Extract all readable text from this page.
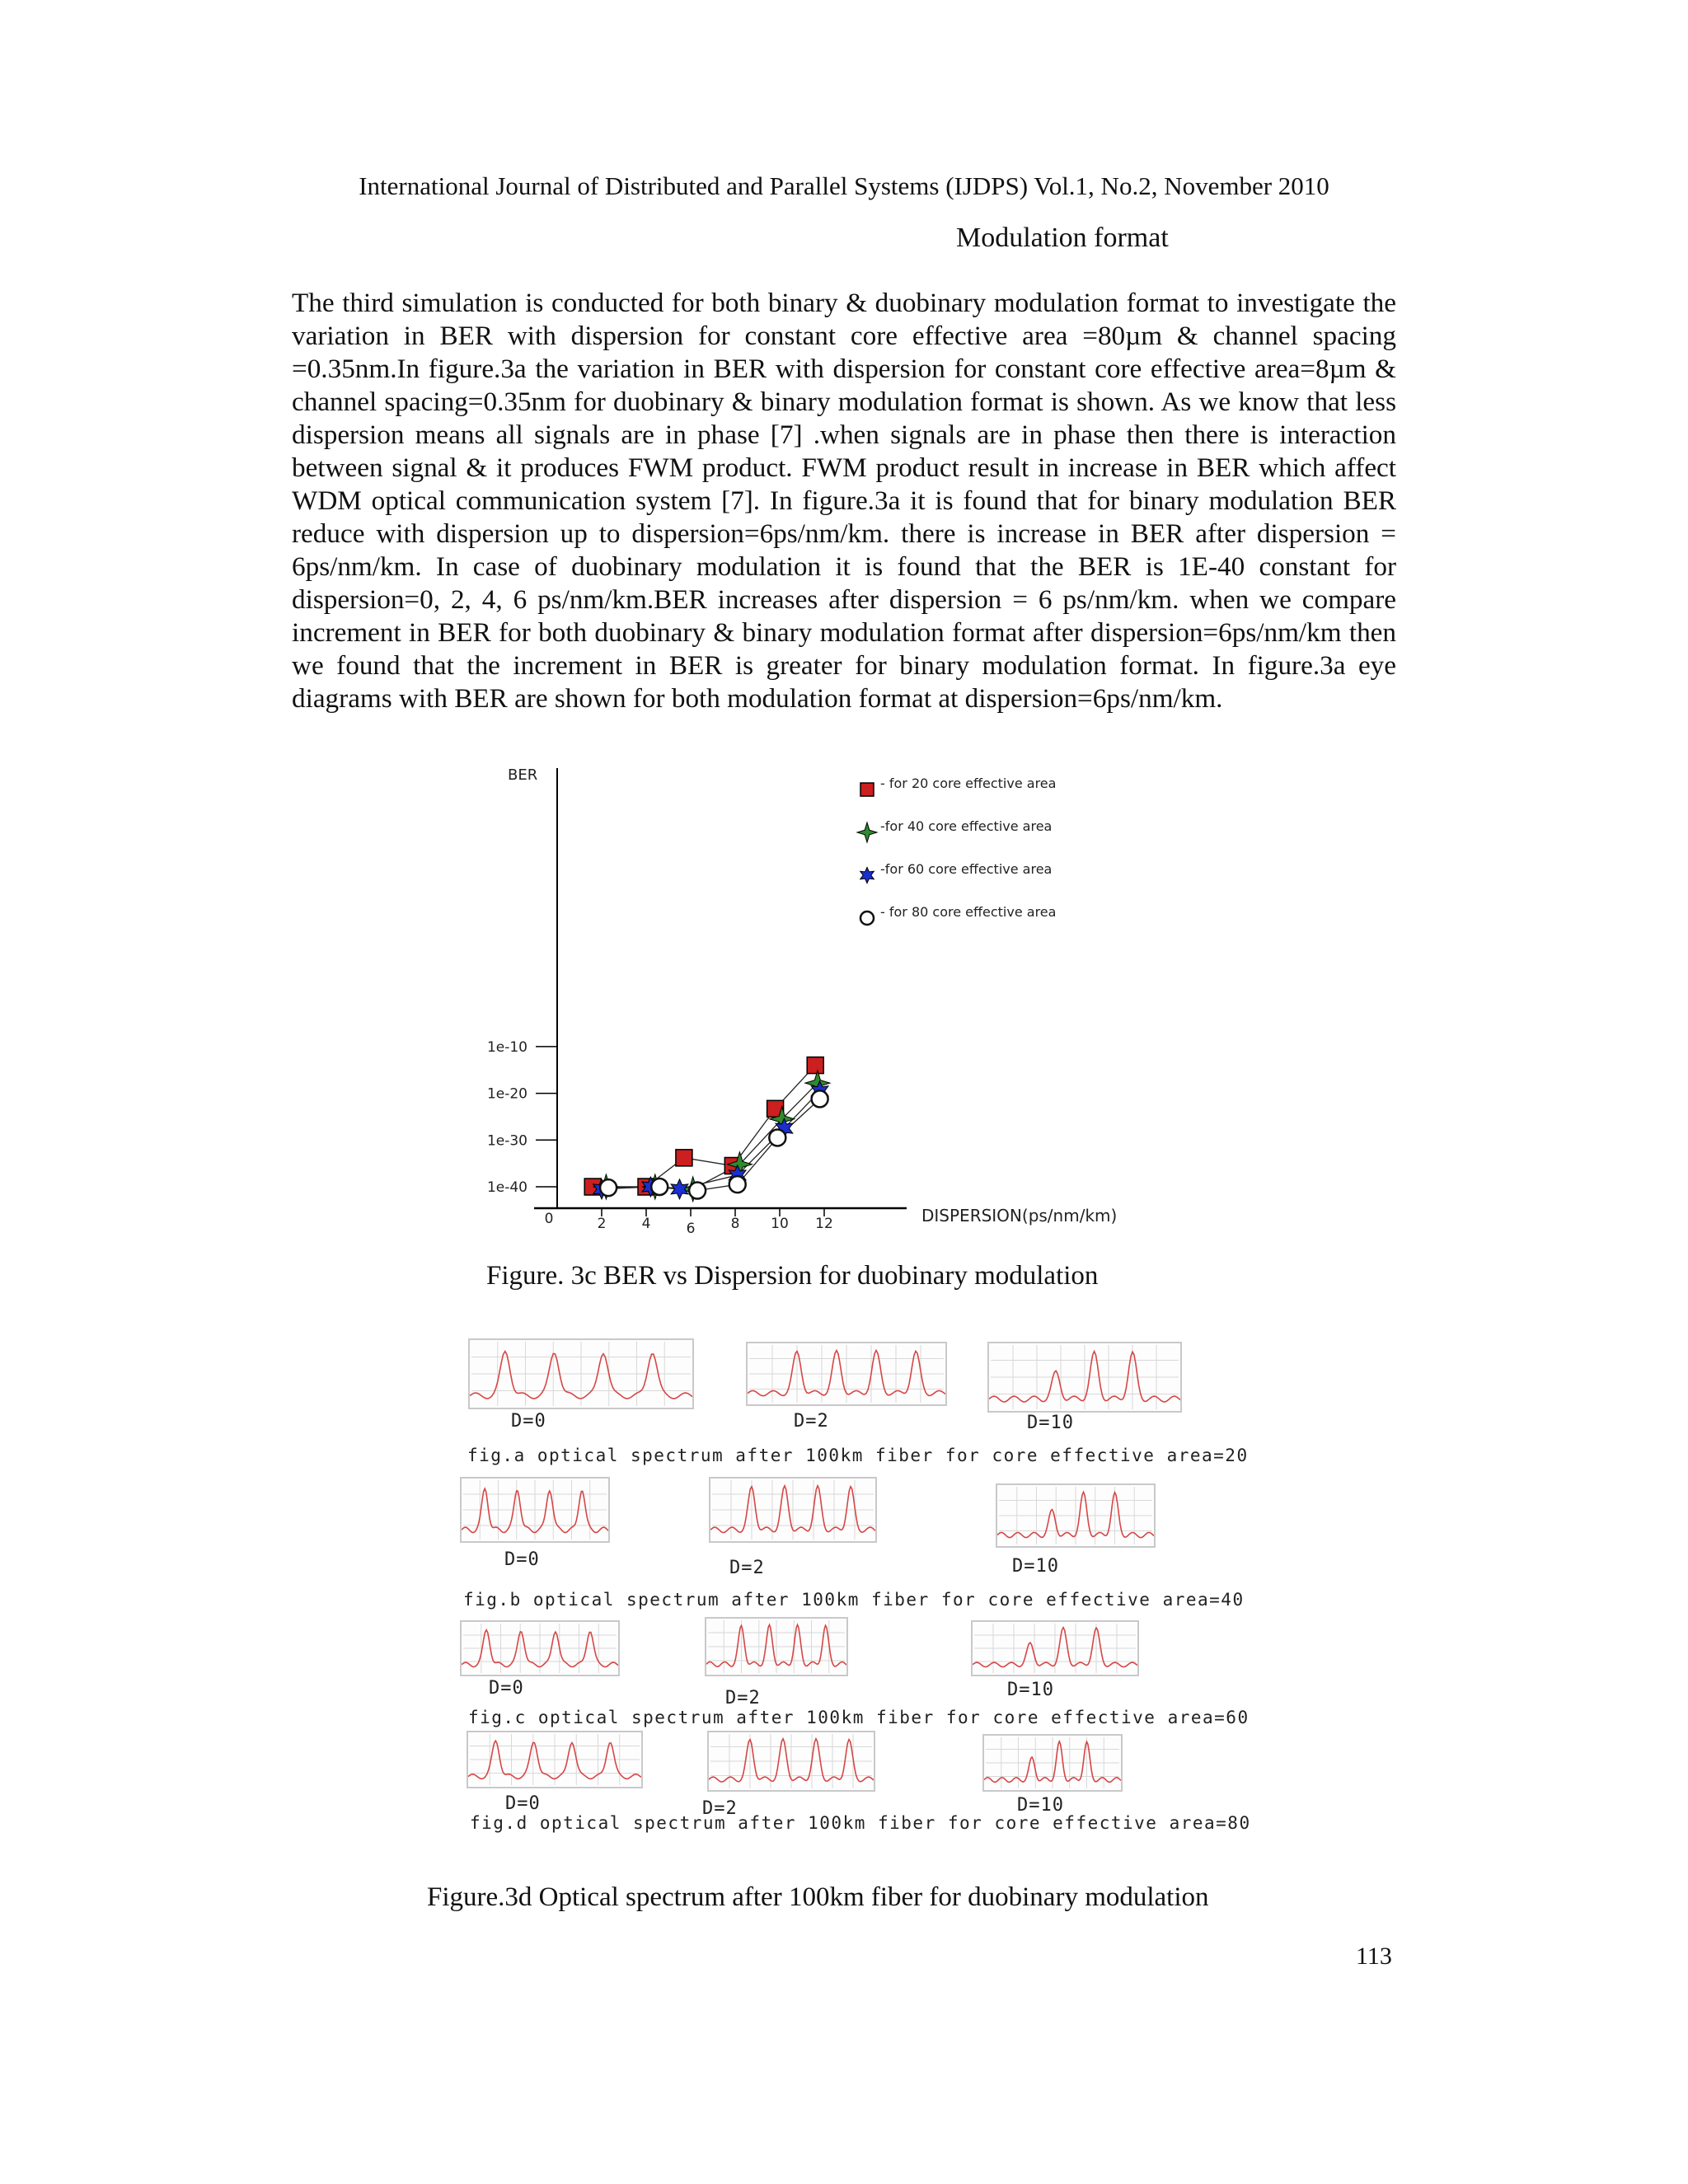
International Journal of Distributed and Parallel Systems (IJDPS) Vol.1, No.2, November 2010
Modulation format
The third simulation is conducted for both binary & duobinary modulation format to investigate the variation in BER with dispersion for constant core effective area =80µm & channel spacing =0.35nm.In figure.3a the variation in BER with dispersion for constant core effective area=8µm & channel spacing=0.35nm for duobinary & binary modulation format is shown. As we know that less dispersion means all signals are in phase [7] .when signals are in phase then there is interaction between signal & it produces FWM product. FWM product result in increase in BER which affect WDM optical communication system [7]. In figure.3a it is found that for binary modulation BER reduce with dispersion up to dispersion=6ps/nm/km. there is increase in BER after dispersion = 6ps/nm/km. In case of duobinary modulation it is found that the BER is 1E-40 constant for dispersion=0, 2, 4, 6 ps/nm/km.BER increases after dispersion = 6 ps/nm/km. when we compare increment in BER for both duobinary & binary modulation format after dispersion=6ps/nm/km then we found that the increment in BER is greater for binary modulation format. In figure.3a eye diagrams with BER are shown for both modulation format at dispersion=6ps/nm/km.
BER
DISPERSION(ps/nm/km)
1e-10
1e-20
1e-30
1e-40
0	2	4	6	8 10 12
- for 20 core effective area
-for 40 core effective area
-for 60 core effective area
- for 80 core effective area
Figure. 3c BER vs Dispersion for duobinary modulation
D=0	D=2	D=10
fig.a optical spectrum after 100km fiber for core effective area=20
D=0	D=2	D=10
fig.b optical spectrum after 100km fiber for core effective area=40
D=0	D=2	D=10
fig.c optical spectrum after 100km fiber for core effective area=60
D=0	D=2	D=10
fig.d optical spectrum after 100km fiber for core effective area=80
Figure.3d Optical spectrum after 100km fiber for duobinary modulation
113
